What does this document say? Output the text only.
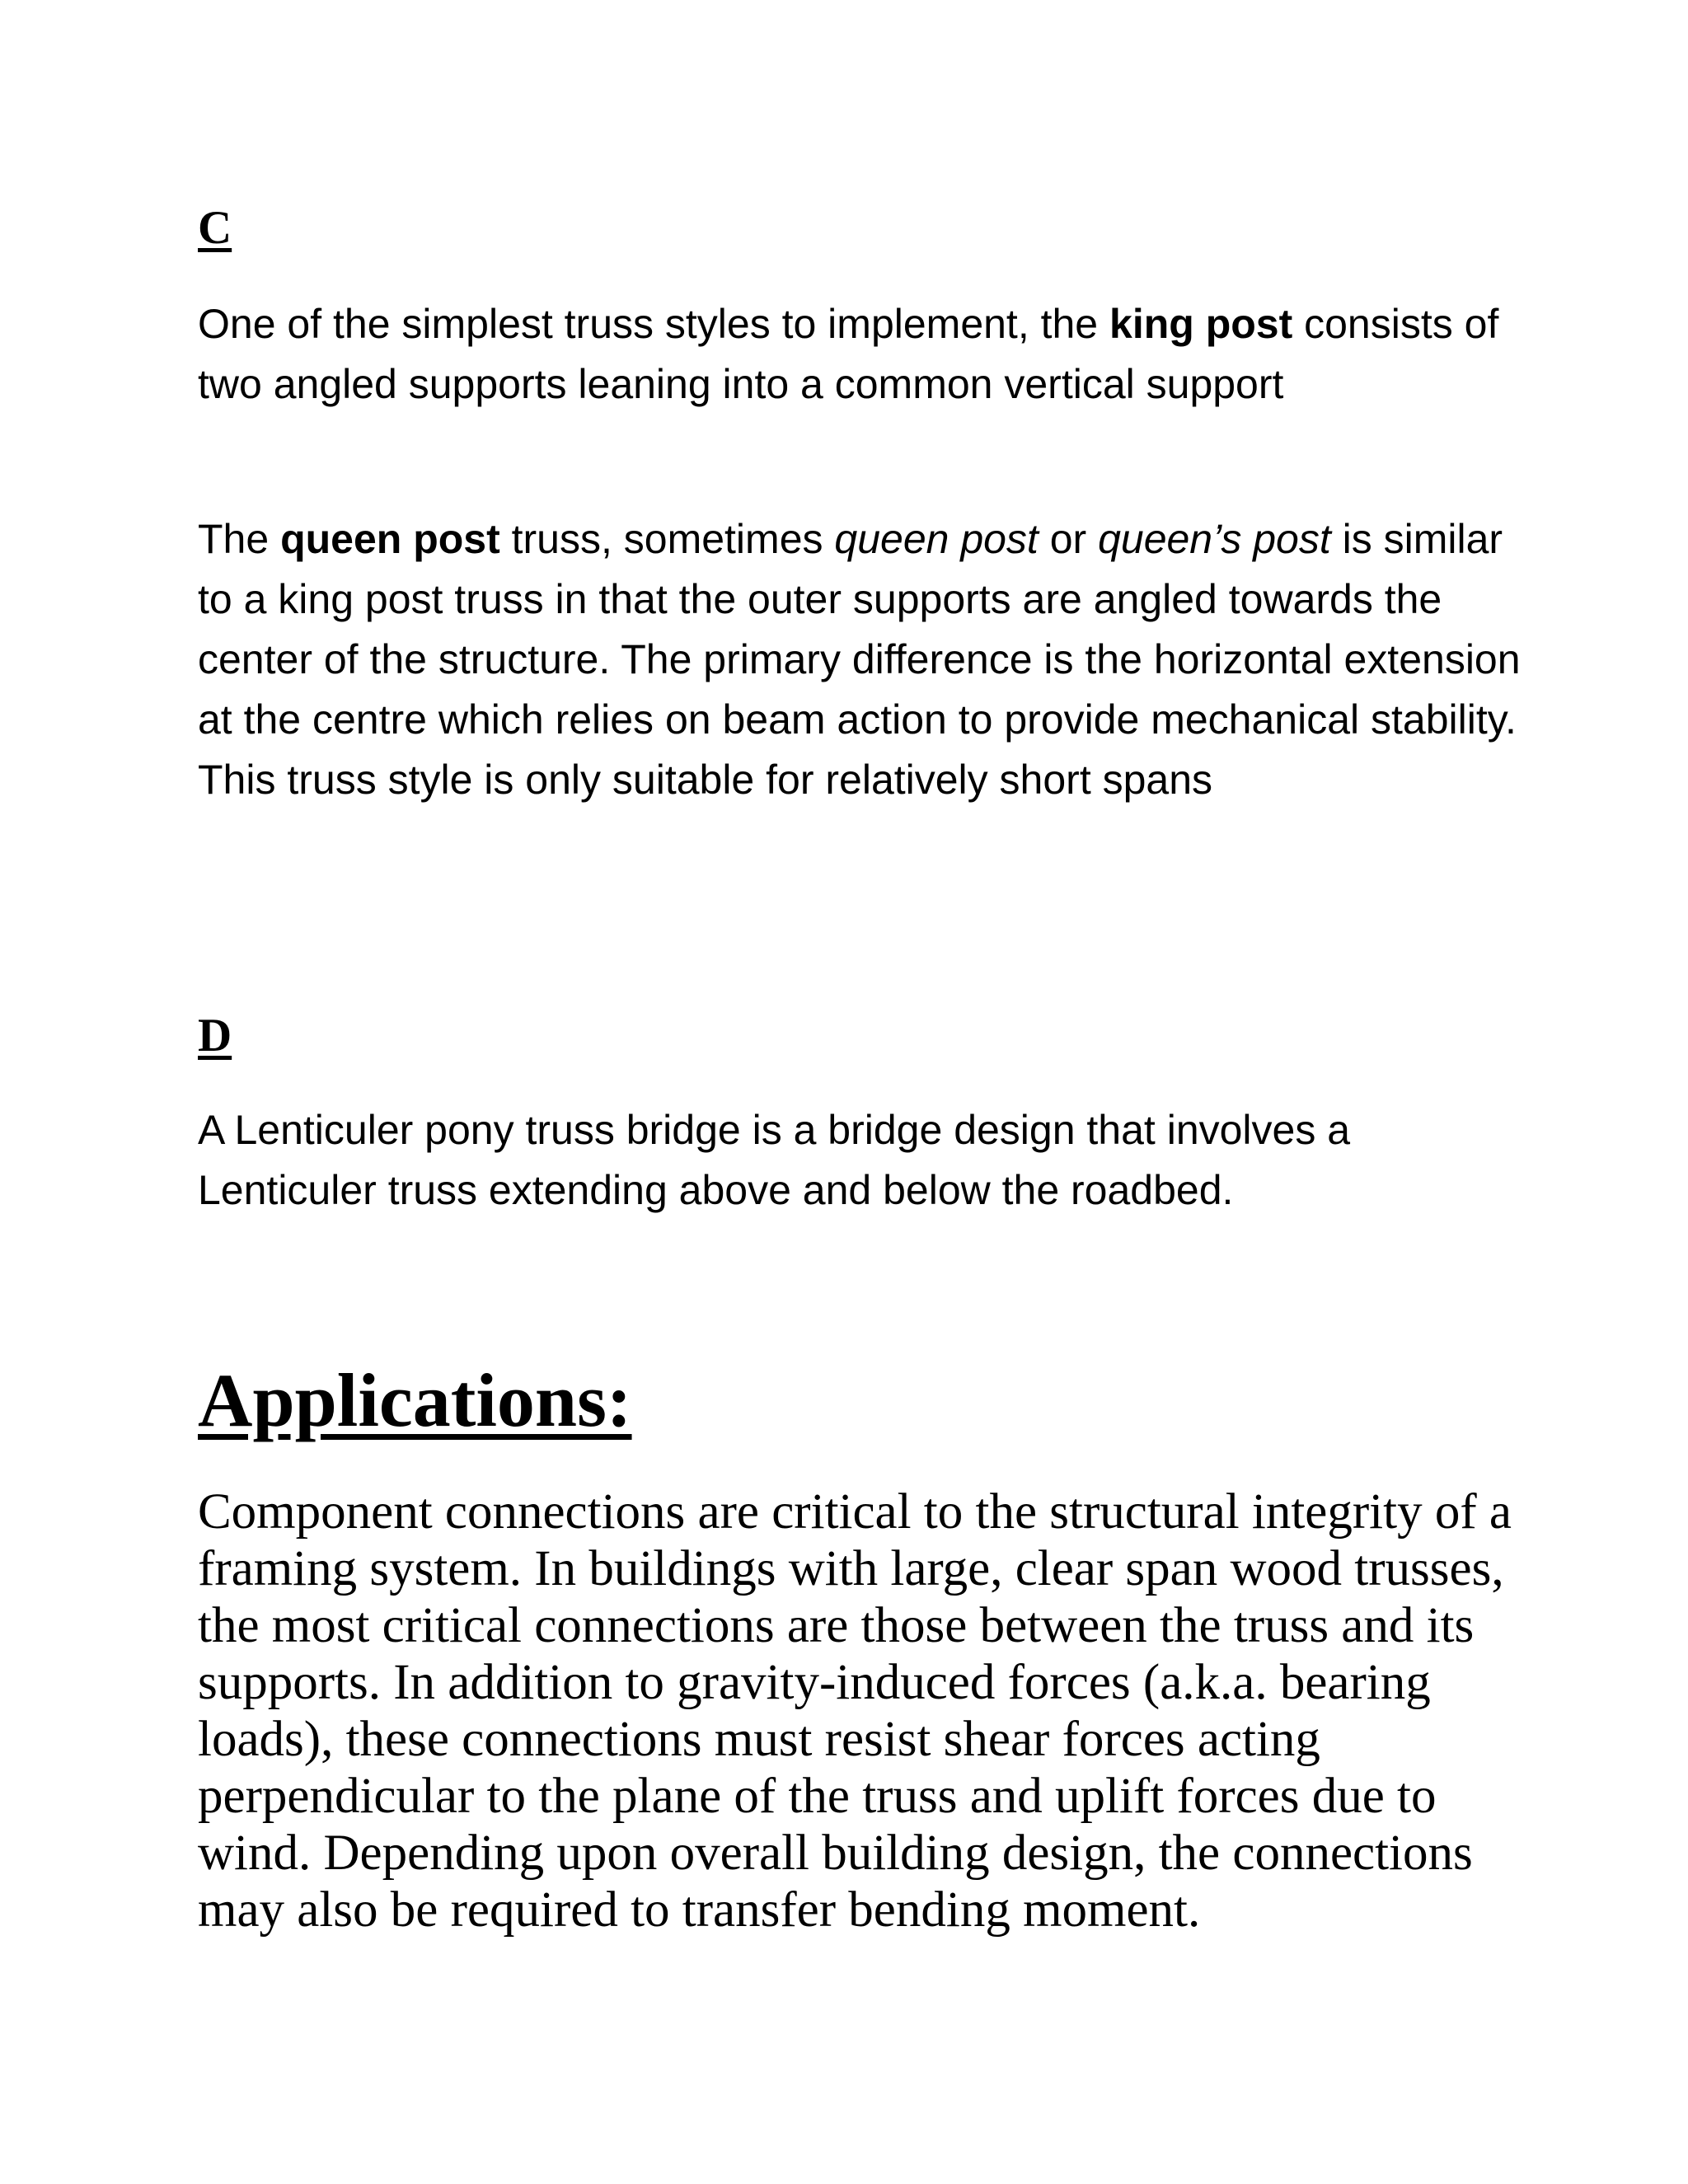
C

One of the simplest truss styles to implement, the king post consists of two angled supports leaning into a common vertical support

The queen post truss, sometimes queen post or queen’s post is similar to a king post truss in that the outer supports are angled towards the center of the structure. The primary difference is the horizontal extension at the centre which relies on beam action to provide mechanical stability. This truss style is only suitable for relatively short spans

D

A Lenticuler pony truss bridge is a bridge design that involves a Lenticuler truss extending above and below the roadbed.

Applications:

Component connections are critical to the structural integrity of a framing system. In buildings with large, clear span wood trusses, the most critical connections are those between the truss and its supports. In addition to gravity-induced forces (a.k.a. bearing loads), these connections must resist shear forces acting perpendicular to the plane of the truss and uplift forces due to wind. Depending upon overall building design, the connections may also be required to transfer bending moment.
